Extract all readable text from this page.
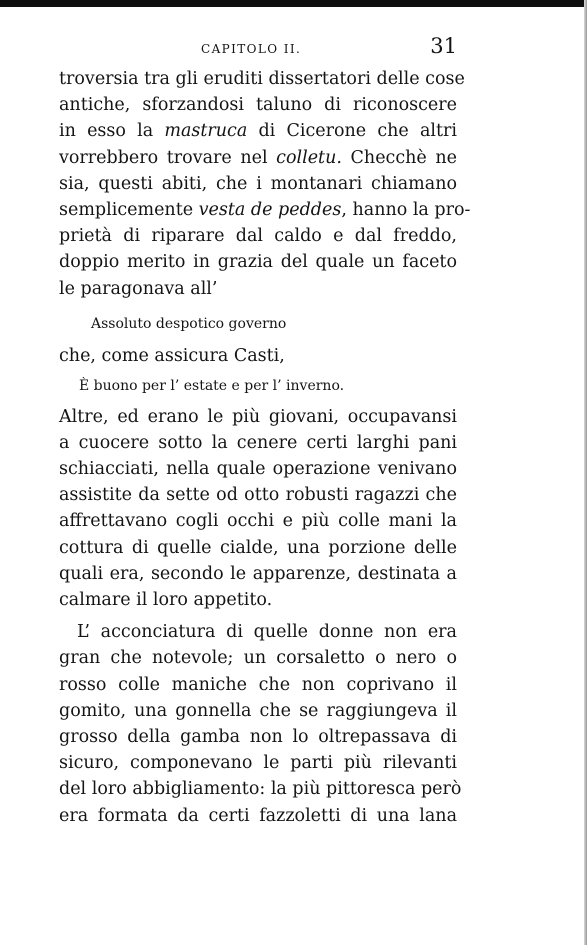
CAPITOLO II.	31
troversia tra gli eruditi dissertatori delle cose
antiche, sforzandosi taluno di riconoscere
in esso la mastruca di Cicerone che altri
vorrebbero trovare nel colletu. Checchè ne
sia, questi abiti, che i montanari chiamano
semplicemente vesta de peddes, hanno la pro-
prietà di riparare dal caldo e dal freddo,
doppio merito in grazia del quale un faceto
le paragonava all’
Assoluto despotico governo
che, come assicura Casti,
È buono per l’ estate e per l’ inverno.
Altre, ed erano le più giovani, occupavansi
a cuocere sotto la cenere certi larghi pani
schiacciati, nella quale operazione venivano
assistite da sette od otto robusti ragazzi che
affrettavano cogli occhi e più colle mani la
cottura di quelle cialde, una porzione delle
quali era, secondo le apparenze, destinata a
calmare il loro appetito.
L’ acconciatura di quelle donne non era
gran che notevole; un corsaletto o nero o
rosso colle maniche che non coprivano il
gomito, una gonnella che se raggiungeva il
grosso della gamba non lo oltrepassava di
sicuro, componevano le parti più rilevanti
del loro abbigliamento: la più pittoresca però
era formata da certi fazzoletti di una lana
